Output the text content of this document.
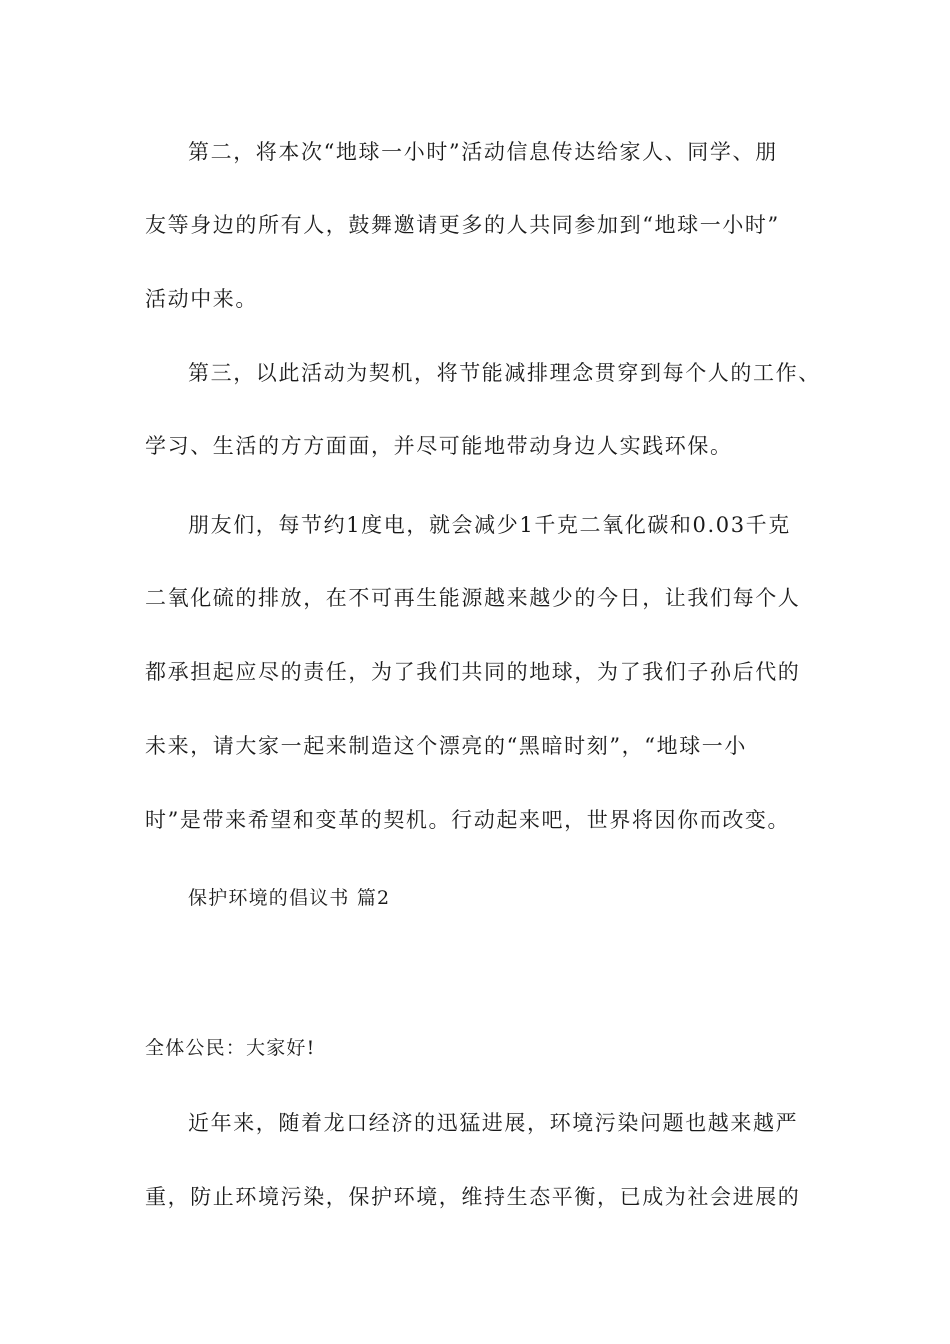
第二，将本次“地球一小时”活动信息传达给家人、同学、朋
友等身边的所有人，鼓舞邀请更多的人共同参加到“地球一小时”
活动中来。
第三，以此活动为契机，将节能减排理念贯穿到每个人的工作、
学习、生活的方方面面，并尽可能地带动身边人实践环保。
朋友们，每节约1度电，就会减少1千克二氧化碳和0.03千克
二氧化硫的排放，在不可再生能源越来越少的今日，让我们每个人
都承担起应尽的责任，为了我们共同的地球，为了我们子孙后代的
未来，请大家一起来制造这个漂亮的“黑暗时刻”，“地球一小
时”是带来希望和变革的契机。行动起来吧，世界将因你而改变。
保护环境的倡议书 篇2
全体公民：大家好!
近年来，随着龙口经济的迅猛进展，环境污染问题也越来越严
重，防止环境污染，保护环境，维持生态平衡，已成为社会进展的
